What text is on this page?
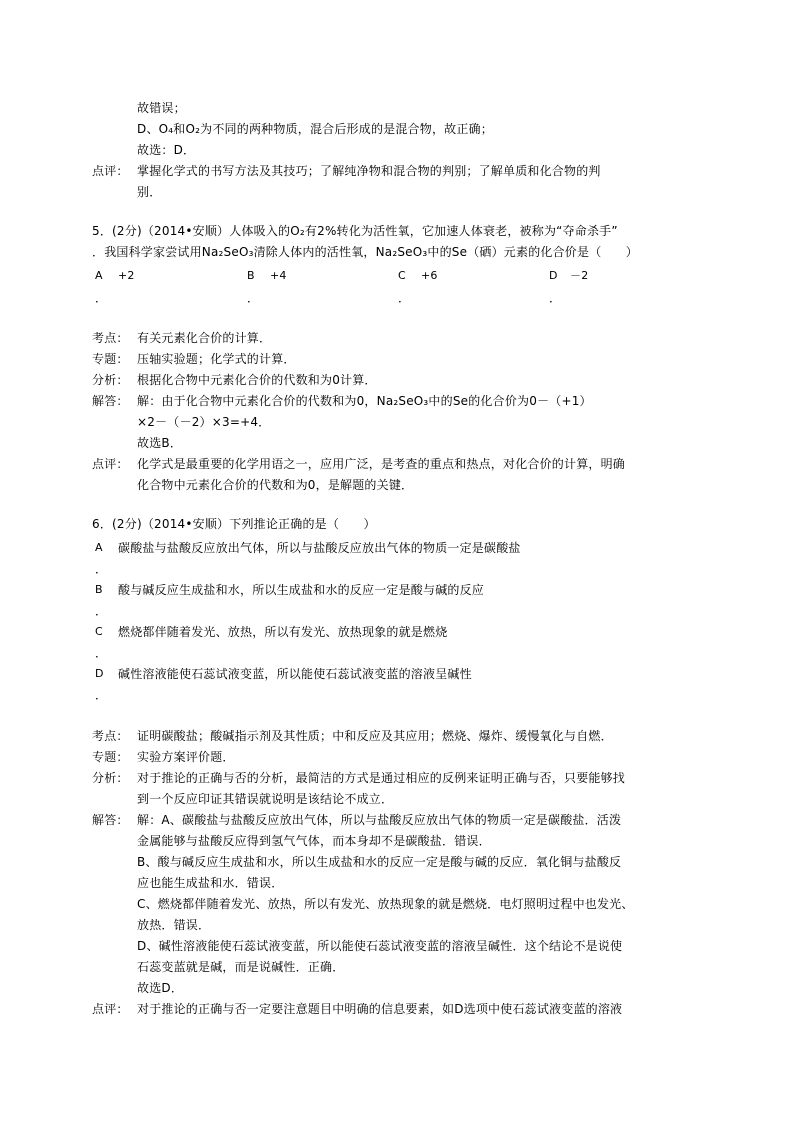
故错误；
D、O₄和O₂为不同的两种物质，混合后形成的是混合物，故正确；
故选：D．
点评： 掌握化学式的书写方法及其技巧；了解纯净物和混合物的判别；了解单质和化合物的判
别．
5．(2分)（2014•安顺）人体吸入的O₂有2%转化为活性氧，它加速人体衰老，被称为“夺命杀手”
．我国科学家尝试用Na₂SeO₃清除人体内的活性氧，Na₂SeO₃中的Se（硒）元素的化合价是（　　）
A +2
．
B +4
．
C +6
．
D －2
．
考点： 有关元素化合价的计算．
专题： 压轴实验题；化学式的计算．
分析： 根据化合物中元素化合价的代数和为0计算．
解答： 解：由于化合物中元素化合价的代数和为0，Na₂SeO₃中的Se的化合价为0－（+1）
×2－（－2）×3=+4．
故选B．
点评： 化学式是最重要的化学用语之一，应用广泛，是考查的重点和热点，对化合价的计算，明确
化合物中元素化合价的代数和为0，是解题的关键．
6．(2分)（2014•安顺）下列推论正确的是（　　）
A 碳酸盐与盐酸反应放出气体，所以与盐酸反应放出气体的物质一定是碳酸盐
．
B 酸与碱反应生成盐和水，所以生成盐和水的反应一定是酸与碱的反应
．
C 燃烧都伴随着发光、放热，所以有发光、放热现象的就是燃烧
．
D 碱性溶液能使石蕊试液变蓝，所以能使石蕊试液变蓝的溶液呈碱性
．
考点： 证明碳酸盐；酸碱指示剂及其性质；中和反应及其应用；燃烧、爆炸、缓慢氧化与自燃．
专题： 实验方案评价题．
分析： 对于推论的正确与否的分析，最简洁的方式是通过相应的反例来证明正确与否，只要能够找
到一个反应印证其错误就说明是该结论不成立．
解答： 解：A、碳酸盐与盐酸反应放出气体，所以与盐酸反应放出气体的物质一定是碳酸盐．活泼
金属能够与盐酸反应得到氢气气体，而本身却不是碳酸盐．错误．
B、酸与碱反应生成盐和水，所以生成盐和水的反应一定是酸与碱的反应．氧化铜与盐酸反
应也能生成盐和水．错误．
C、燃烧都伴随着发光、放热，所以有发光、放热现象的就是燃烧．电灯照明过程中也发光、
放热．错误．
D、碱性溶液能使石蕊试液变蓝，所以能使石蕊试液变蓝的溶液呈碱性．这个结论不是说使
石蕊变蓝就是碱，而是说碱性．正确．
故选D．
点评： 对于推论的正确与否一定要注意题目中明确的信息要素，如D选项中使石蕊试液变蓝的溶液
